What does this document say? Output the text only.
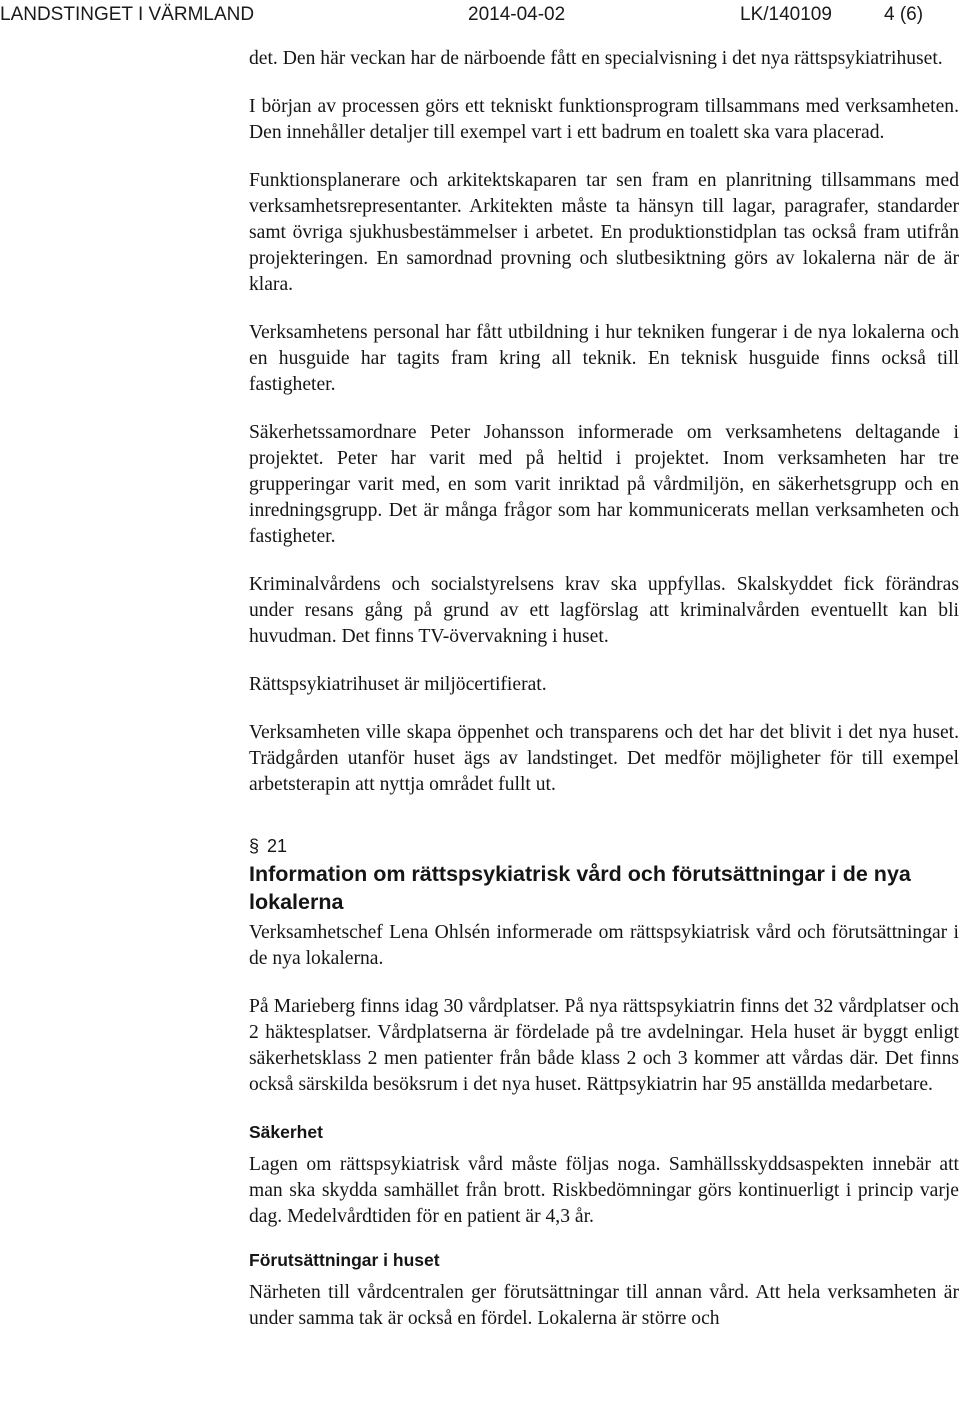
LANDSTINGET I VÄRMLAND	2014-04-02	LK/140109	4 (6)

det. Den här veckan har de närboende fått en specialvisning i det nya rättspsykiatrihuset.

I början av processen görs ett tekniskt funktionsprogram tillsammans med verksamheten. Den innehåller detaljer till exempel vart i ett badrum en toalett ska vara placerad.

Funktionsplanerare och arkitektskaparen tar sen fram en planritning tillsammans med verksamhetsrepresentanter. Arkitekten måste ta hänsyn till lagar, paragrafer, standarder samt övriga sjukhusbestämmelser i arbetet. En produktionstidplan tas också fram utifrån projekteringen. En samordnad provning och slutbesiktning görs av lokalerna när de är klara.

Verksamhetens personal har fått utbildning i hur tekniken fungerar i de nya lokalerna och en husguide har tagits fram kring all teknik. En teknisk husguide finns också till fastigheter.

Säkerhetssamordnare Peter Johansson informerade om verksamhetens deltagande i projektet. Peter har varit med på heltid i projektet. Inom verksamheten har tre grupperingar varit med, en som varit inriktad på vårdmiljön, en säkerhetsgrupp och en inredningsgrupp. Det är många frågor som har kommunicerats mellan verksamheten och fastigheter.

Kriminalvårdens och socialstyrelsens krav ska uppfyllas. Skalskyddet fick förändras under resans gång på grund av ett lagförslag att kriminalvården eventuellt kan bli huvudman. Det finns TV-övervakning i huset.

Rättspsykiatrihuset är miljöcertifierat.

Verksamheten ville skapa öppenhet och transparens och det har det blivit i det nya huset. Trädgården utanför huset ägs av landstinget. Det medför möjligheter för till exempel arbetsterapin att nyttja området fullt ut.

§ 21
Information om rättspsykiatrisk vård och förutsättningar i de nya lokalerna

Verksamhetschef Lena Ohlsén informerade om rättspsykiatrisk vård och förutsättningar i de nya lokalerna.

På Marieberg finns idag 30 vårdplatser. På nya rättspsykiatrin finns det 32 vårdplatser och 2 häktesplatser. Vårdplatserna är fördelade på tre avdelningar. Hela huset är byggt enligt säkerhetsklass 2 men patienter från både klass 2 och 3 kommer att vårdas där. Det finns också särskilda besöksrum i det nya huset. Rättpsykiatrin har 95 anställda medarbetare.

Säkerhet

Lagen om rättspsykiatrisk vård måste följas noga. Samhällsskyddsaspekten innebär att man ska skydda samhället från brott. Riskbedömningar görs kontinuerligt i princip varje dag. Medelvårdtiden för en patient är 4,3 år.

Förutsättningar i huset

Närheten till vårdcentralen ger förutsättningar till annan vård. Att hela verksamheten är under samma tak är också en fördel. Lokalerna är större och
